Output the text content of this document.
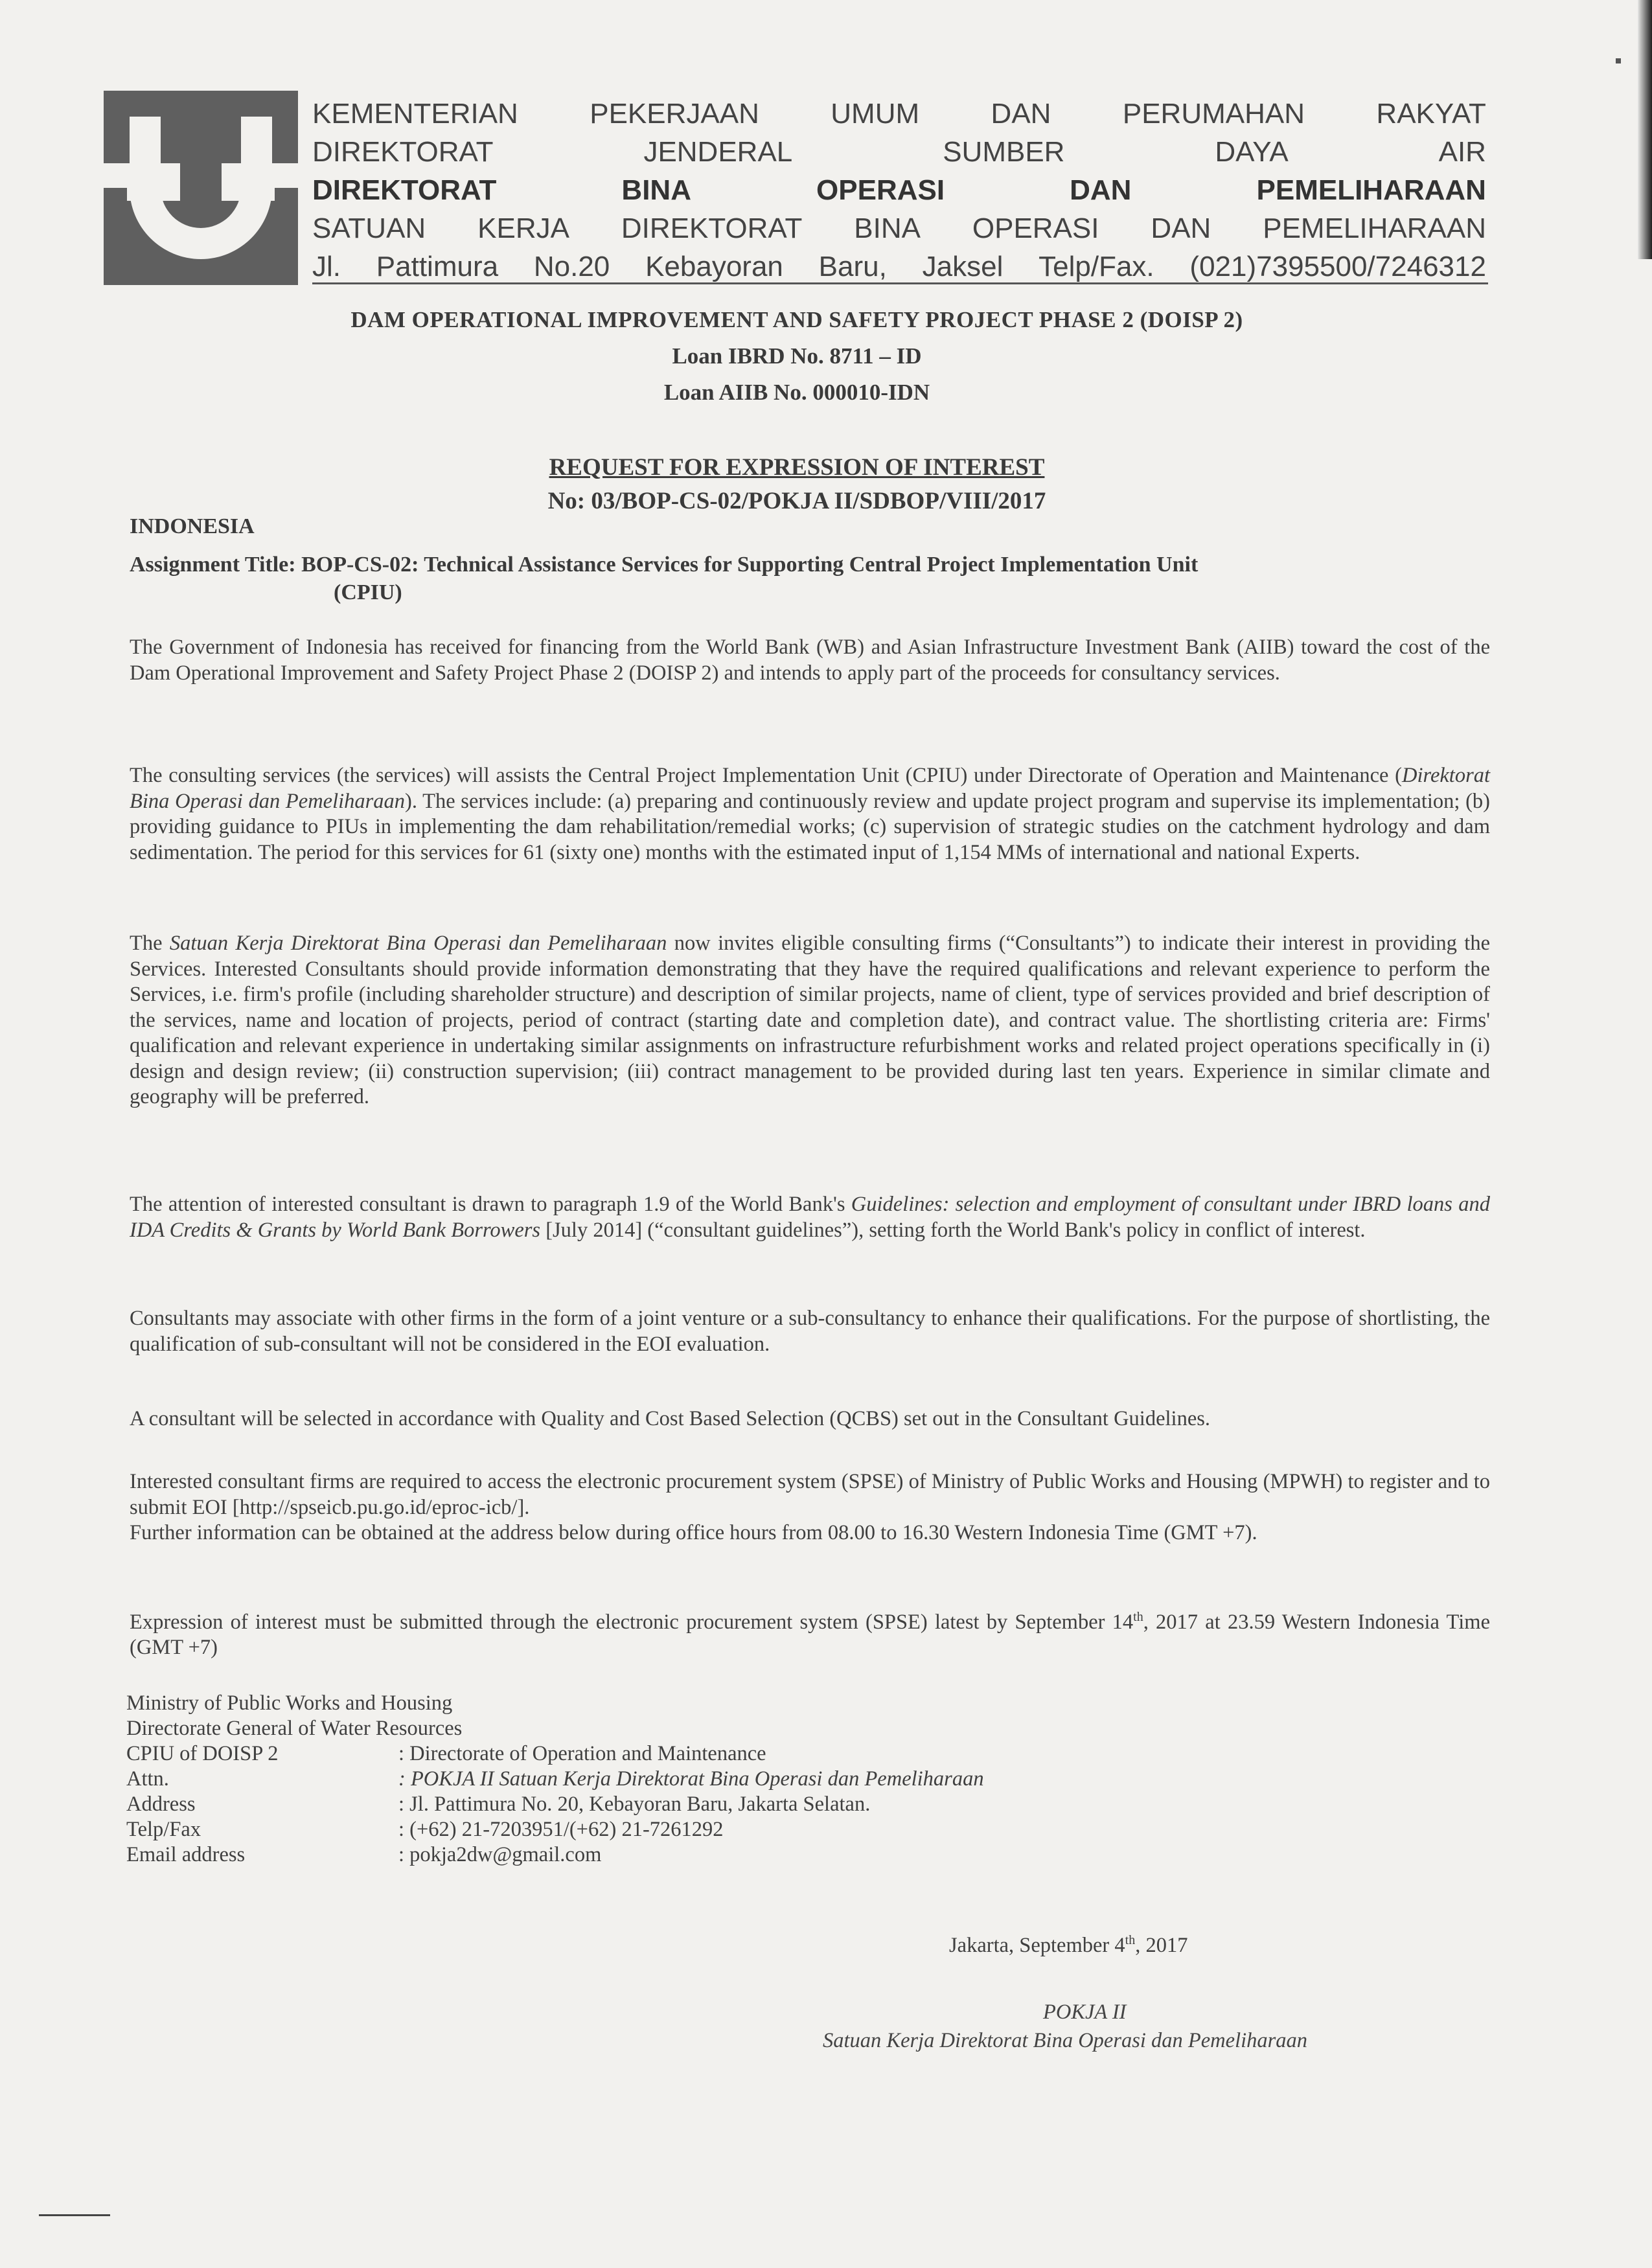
KEMENTERIAN	PEKERJAAN	UMUM	DAN	PERUMAHAN	RAKYAT
DIREKTORAT	JENDERAL	SUMBER	DAYA	AIR
DIREKTORAT	BINA	OPERASI	DAN	PEMELIHARAAN
SATUAN KERJA DIREKTORAT BINA OPERASI DAN PEMELIHARAAN
Jl. Pattimura No.20 Kebayoran Baru, Jaksel Telp/Fax. (021)7395500/7246312
DAM OPERATIONAL IMPROVEMENT AND SAFETY PROJECT PHASE 2 (DOISP 2)
Loan IBRD No. 8711 – ID
Loan AIIB No. 000010-IDN
REQUEST FOR EXPRESSION OF INTEREST
No: 03/BOP-CS-02/POKJA II/SDBOP/VIII/2017
INDONESIA
Assignment Title: BOP-CS-02: Technical Assistance Services for Supporting Central Project Implementation Unit
(CPIU)
The Government of Indonesia has received for financing from the World Bank (WB) and Asian Infrastructure Investment Bank (AIIB) toward the cost of the Dam Operational Improvement and Safety Project Phase 2 (DOISP 2) and intends to apply part of the proceeds for consultancy services.
The consulting services (the services) will assists the Central Project Implementation Unit (CPIU) under Directorate of Operation and Maintenance (Direktorat Bina Operasi dan Pemeliharaan). The services include: (a) preparing and continuously review and update project program and supervise its implementation; (b) providing guidance to PIUs in implementing the dam rehabilitation/remedial works; (c) supervision of strategic studies on the catchment hydrology and dam sedimentation. The period for this services for 61 (sixty one) months with the estimated input of 1,154 MMs of international and national Experts.
The Satuan Kerja Direktorat Bina Operasi dan Pemeliharaan now invites eligible consulting firms (“Consultants”) to indicate their interest in providing the Services. Interested Consultants should provide information demonstrating that they have the required qualifications and relevant experience to perform the Services, i.e. firm's profile (including shareholder structure) and description of similar projects, name of client, type of services provided and brief description of the services, name and location of projects, period of contract (starting date and completion date), and contract value. The shortlisting criteria are: Firms' qualification and relevant experience in undertaking similar assignments on infrastructure refurbishment works and related project operations specifically in (i) design and design review; (ii) construction supervision; (iii) contract management to be provided during last ten years. Experience in similar climate and geography will be preferred.
The attention of interested consultant is drawn to paragraph 1.9 of the World Bank's Guidelines: selection and employment of consultant under IBRD loans and IDA Credits & Grants by World Bank Borrowers [July 2014] (“consultant guidelines”), setting forth the World Bank's policy in conflict of interest.
Consultants may associate with other firms in the form of a joint venture or a sub-consultancy to enhance their qualifications. For the purpose of shortlisting, the qualification of sub-consultant will not be considered in the EOI evaluation.
A consultant will be selected in accordance with Quality and Cost Based Selection (QCBS) set out in the Consultant Guidelines.
Interested consultant firms are required to access the electronic procurement system (SPSE) of Ministry of Public Works and Housing (MPWH) to register and to submit EOI [http://spseicb.pu.go.id/eproc-icb/].
Further information can be obtained at the address below during office hours from 08.00 to 16.30 Western Indonesia Time (GMT +7).
Expression of interest must be submitted through the electronic procurement system (SPSE) latest by September 14th, 2017 at 23.59 Western Indonesia Time (GMT +7)
Ministry of Public Works and Housing
Directorate General of Water Resources
CPIU of DOISP 2	: Directorate of Operation and Maintenance
Attn.	: POKJA II Satuan Kerja Direktorat Bina Operasi dan Pemeliharaan
Address	: Jl. Pattimura No. 20, Kebayoran Baru, Jakarta Selatan.
Telp/Fax	: (+62) 21-7203951/(+62) 21-7261292
Email address	: pokja2dw@gmail.com
Jakarta, September 4th, 2017
POKJA II
Satuan Kerja Direktorat Bina Operasi dan Pemeliharaan
